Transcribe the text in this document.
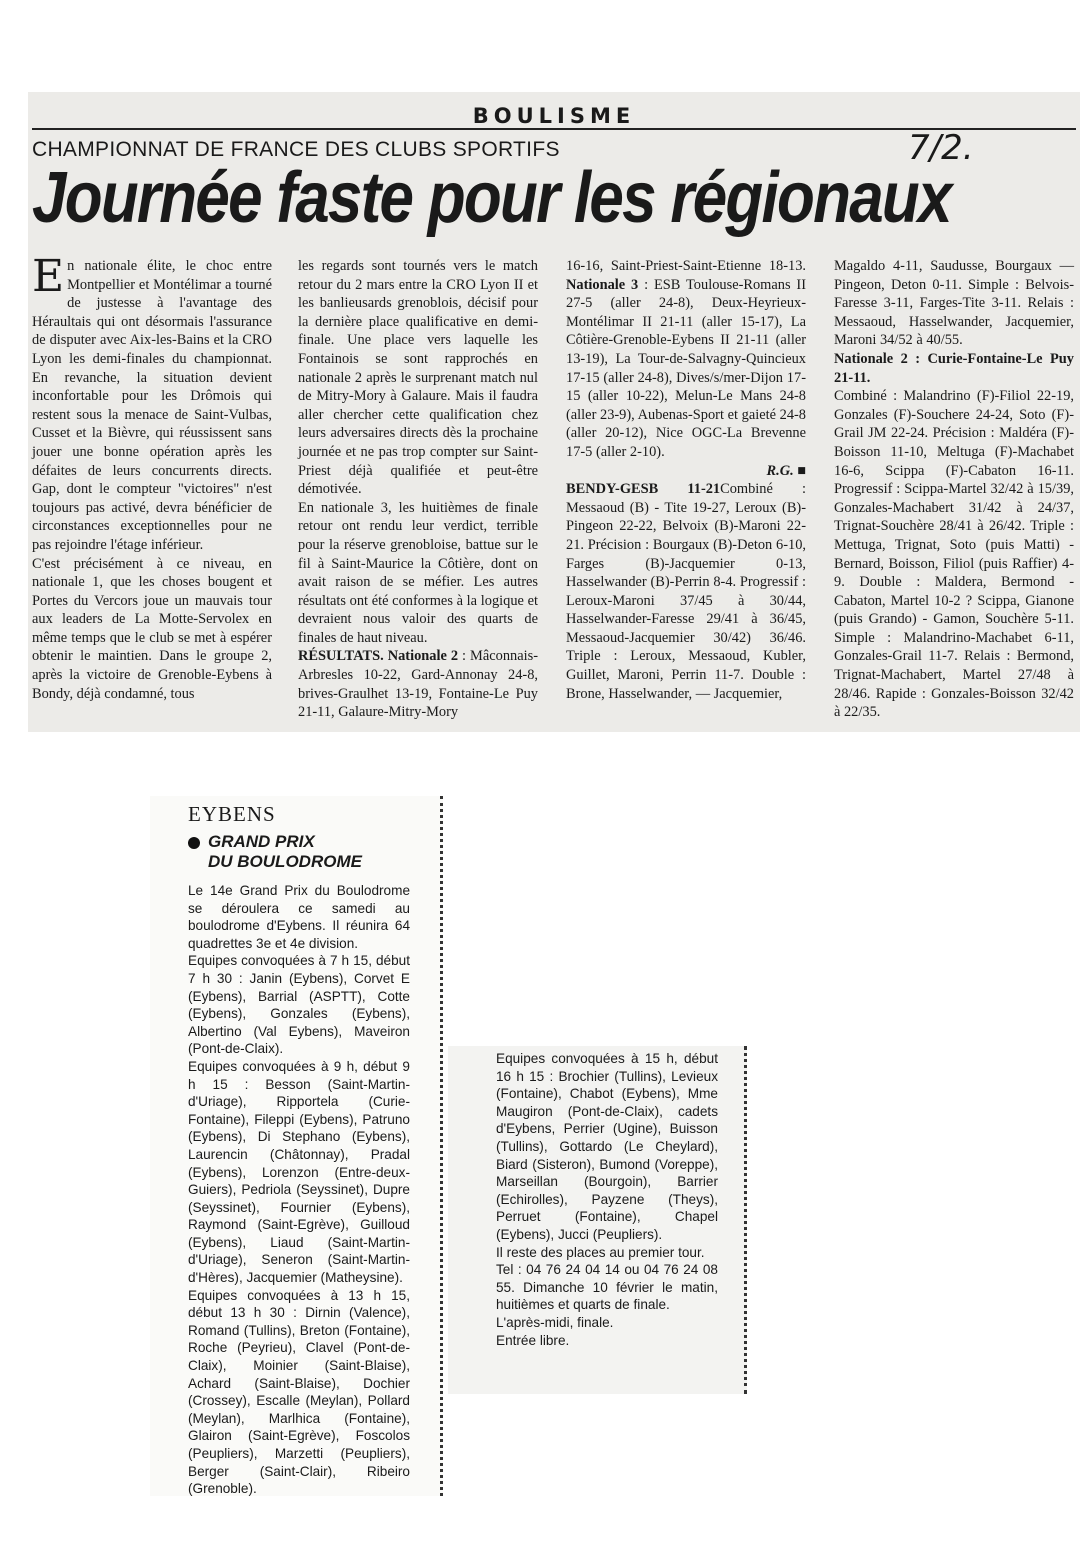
BOULISME
CHAMPIONNAT DE FRANCE DES CLUBS SPORTIFS	7/2.
Journée faste pour les régionaux

En nationale élite, le choc entre Montpellier et Montélimar a tourné de justesse à l'avantage des Héraultais qui ont désormais l'assurance de disputer avec Aix-les-Bains et la CRO Lyon les demi-finales du championnat. En revanche, la situation devient inconfortable pour les Drômois qui restent sous la menace de Saint-Vulbas, Cusset et la Bièvre, qui réussissent sans jouer une bonne opération après les défaites de leurs concurrents directs. Gap, dont le compteur "victoires" n'est toujours pas activé, devra bénéficier de circonstances exceptionnelles pour ne pas rejoindre l'étage inférieur.

C'est précisément à ce niveau, en nationale 1, que les choses bougent et Portes du Vercors joue un mauvais tour aux leaders de La Motte-Servolex en même temps que le club se met à espérer obtenir le maintien. Dans le groupe 2, après la victoire de Grenoble-Eybens à Bondy, déjà condamné, tous

les regards sont tournés vers le match retour du 2 mars entre la CRO Lyon II et les banlieusards grenoblois, décisif pour la dernière place qualificative en demi-finale. Une place vers laquelle les Fontainois se sont rapprochés en nationale 2 après le surprenant match nul de Mitry-Mory à Galaure. Mais il faudra aller chercher cette qualification chez leurs adversaires directs dès la prochaine journée et ne pas trop compter sur Saint-Priest déjà qualifiée et peut-être démotivée.

En nationale 3, les huitièmes de finale retour ont rendu leur verdict, terrible pour la réserve grenobloise, battue sur le fil à Saint-Maurice la Côtière, dont on avait raison de se méfier. Les autres résultats ont été conformes à la logique et devraient nous valoir des quarts de finales de haut niveau.

RÉSULTATS. Nationale 2 : Mâconnais-Arbresles 10-22, Gard-Annonay 24-8, brives-Graulhet 13-19, Fontaine-Le Puy 21-11, Galaure-Mitry-Mory

16-16, Saint-Priest-Saint-Etienne 18-13. Nationale 3 : ESB Toulouse-Romans II 27-5 (aller 24-8), Deux-Heyrieux-Montélimar II 21-11 (aller 15-17), La Côtière-Grenoble-Eybens II 21-11 (aller 13-19), La Tour-de-Salvagny-Quincieux 17-15 (aller 24-8), Dives/s/mer-Dijon 17-15 (aller 10-22), Melun-Le Mans 24-8 (aller 23-9), Aubenas-Sport et gaieté 24-8 (aller 20-12), Nice OGC-La Brevenne 17-5 (aller 2-10).

R.G. ■

BENDY-GESB 11-21Combiné : Messaoud (B) - Tite 19-27, Leroux (B)-Pingeon 22-22, Belvoix (B)-Maroni 22-21. Précision : Bourgaux (B)-Deton 6-10, Farges (B)-Jacquemier 0-13, Hasselwander (B)-Perrin 8-4. Progressif : Leroux-Maroni 37/45 à 30/44, Hasselwander-Faresse 29/41 à 36/45, Messaoud-Jacquemier 30/42) 36/46. Triple : Leroux, Messaoud, Kubler, Guillet, Maroni, Perrin 11-7. Double : Brone, Hasselwander, — Jacquemier,

Magaldo 4-11, Saudusse, Bourgaux — Pingeon, Deton 0-11. Simple : Belvois-Faresse 3-11, Farges-Tite 3-11. Relais : Messaoud, Hasselwander, Jacquemier, Maroni 34/52 à 40/55.

Nationale 2 : Curie-Fontaine-Le Puy 21-11.

Combiné : Malandrino (F)-Filiol 22-19, Gonzales (F)-Souchere 24-24, Soto (F)-Grail JM 22-24. Précision : Maldéra (F)-Boisson 11-10, Meltuga (F)-Machabet 16-6, Scippa (F)-Cabaton 16-11. Progressif : Scippa-Martel 32/42 à 15/39, Gonzales-Machabert 31/42 à 24/37, Trignat-Souchère 28/41 à 26/42. Triple : Mettuga, Trignat, Soto (puis Matti) -Bernard, Boisson, Filiol (puis Raffier) 4-9. Double : Maldera, Bermond - Cabaton, Martel 10-2 ? Scippa, Gianone (puis Grando) - Gamon, Souchère 5-11. Simple : Malandrino-Machabet 6-11, Gonzales-Grail 11-7. Relais : Bermond, Trignat-Machabert, Martel 27/48 à 28/46. Rapide : Gonzales-Boisson 32/42 à 22/35.

EYBENS
GRAND PRIX
DU BOULODROME

Le 14e Grand Prix du Boulodrome se déroulera ce samedi au boulodrome d'Eybens. Il réunira 64 quadrettes 3e et 4e division.

Equipes convoquées à 7 h 15, début 7 h 30 : Janin (Eybens), Corvet E (Eybens), Barrial (ASPTT), Cotte (Eybens), Gonzales (Eybens), Albertino (Val Eybens), Maveiron (Pont-de-Claix).

Equipes convoquées à 9 h, début 9 h 15 : Besson (Saint-Martin-d'Uriage), Ripportela (Curie-Fontaine), Fileppi (Eybens), Patruno (Eybens), Di Stephano (Eybens), Laurencin (Châtonnay), Pradal (Eybens), Lorenzon (Entre-deux-Guiers), Pedriola (Seyssinet), Dupre (Seyssinet), Fournier (Eybens), Raymond (Saint-Egrève), Guilloud (Eybens), Liaud (Saint-Martin-d'Uriage), Seneron (Saint-Martin-d'Hères), Jacquemier (Matheysine).

Equipes convoquées à 13 h 15, début 13 h 30 : Dirnin (Valence), Romand (Tullins), Breton (Fontaine), Roche (Peyrieu), Clavel (Pont-de-Claix), Moinier (Saint-Blaise), Achard (Saint-Blaise), Dochier (Crossey), Escalle (Meylan), Pollard (Meylan), Marlhica (Fontaine), Glairon (Saint-Egrève), Foscolos (Peupliers), Marzetti (Peupliers), Berger (Saint-Clair), Ribeiro (Grenoble).

Equipes convoquées à 15 h, début 16 h 15 : Brochier (Tullins), Levieux (Fontaine), Chabot (Eybens), Mme Maugiron (Pont-de-Claix), cadets d'Eybens, Perrier (Ugine), Buisson (Tullins), Gottardo (Le Cheylard), Biard (Sisteron), Bumond (Voreppe), Marseillan (Bourgoin), Barrier (Echirolles), Payzene (Theys), Perruet (Fontaine), Chapel (Eybens), Jucci (Peupliers).

Il reste des places au premier tour.

Tel : 04 76 24 04 14 ou 04 76 24 08 55. Dimanche 10 février le matin, huitièmes et quarts de finale.

L'après-midi, finale.

Entrée libre.
